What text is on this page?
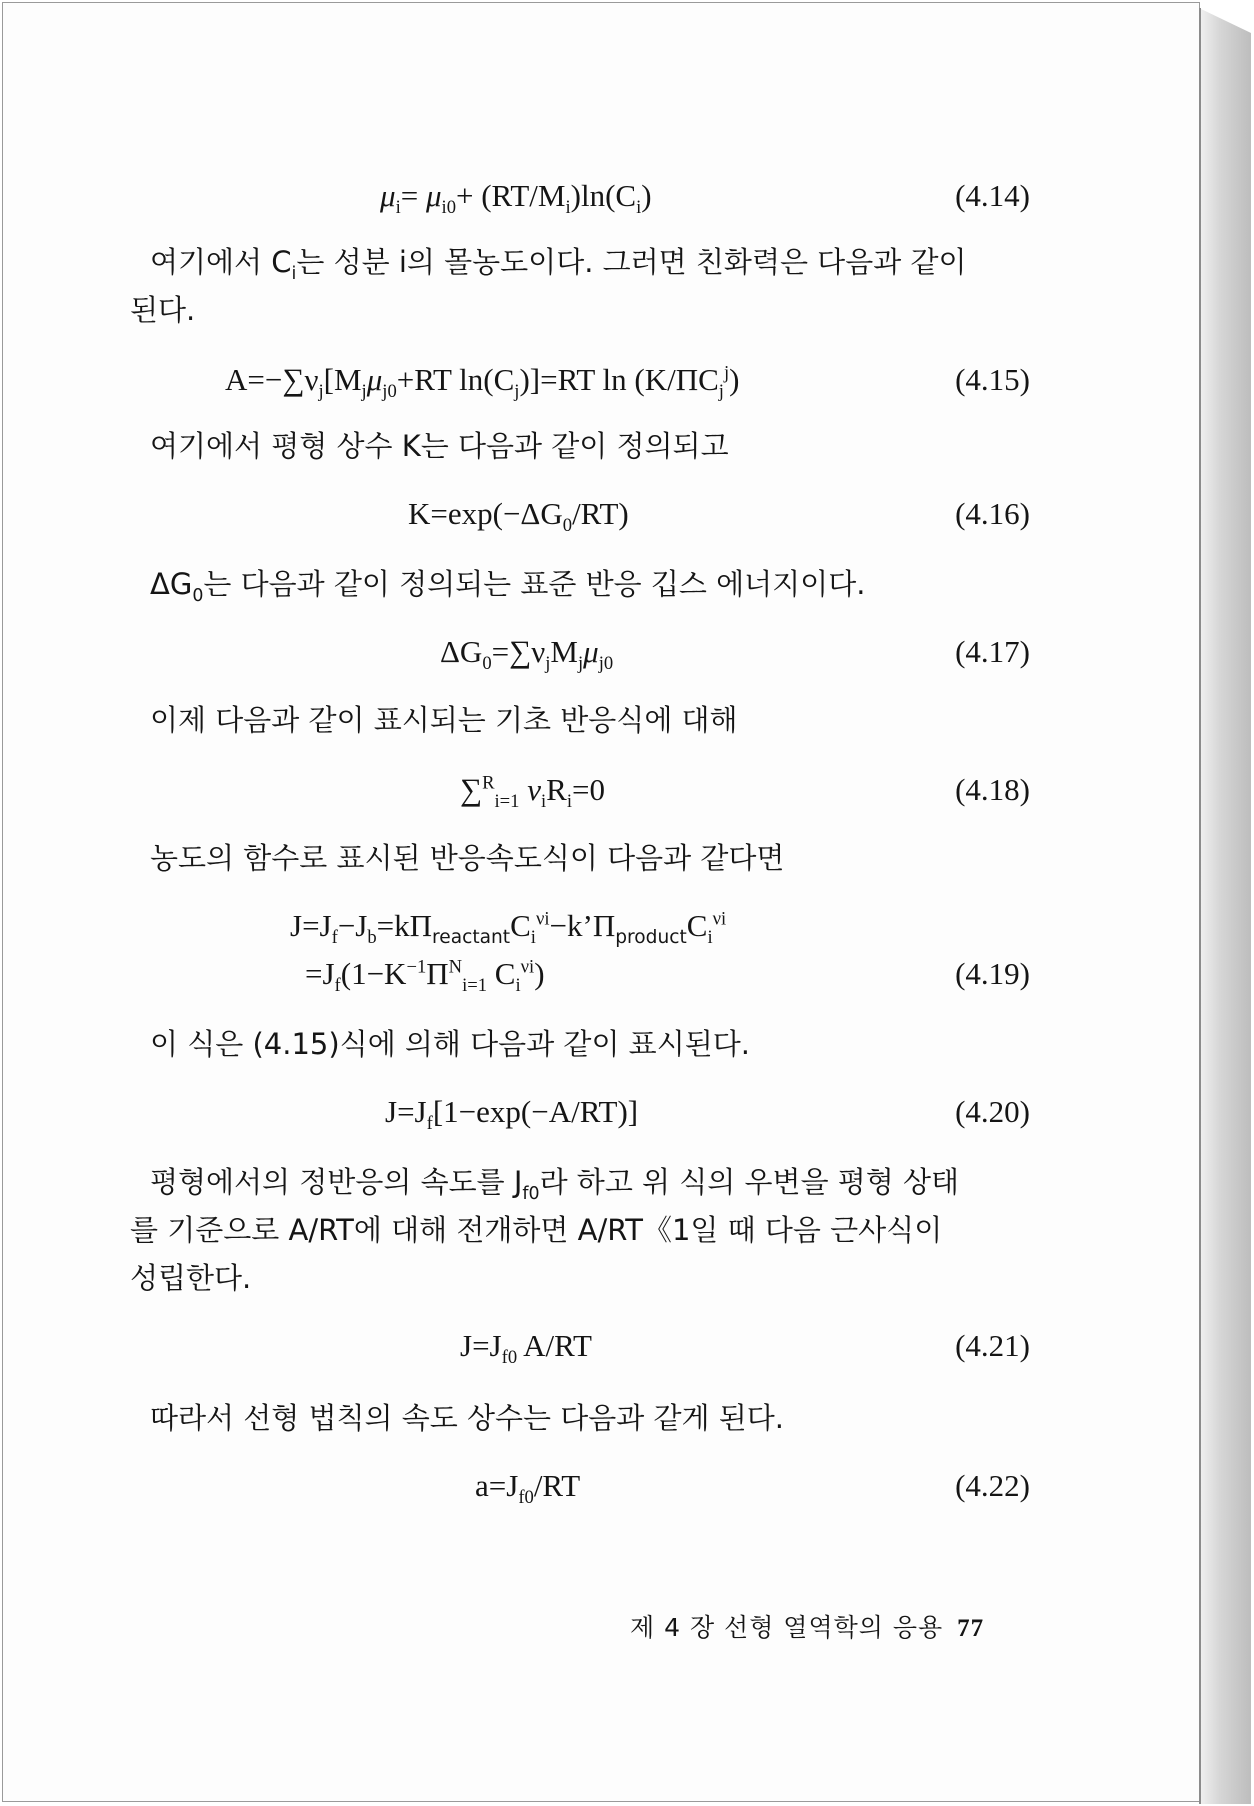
$\mu_i= \mu_{i0}+ (RT/M_i)\ln(C_i)$	(4.14)
여기에서 $C_i$는 성분 i의 몰농도이다. 그러면 친화력은 다음과 같이
된다.
$A=-\sum\nu_j[M_j\mu_{j0}+RT$ $\ln(C_j)]=RT$ $\ln (K/\Pi C_j^j)$	(4.15)
여기에서 평형 상수 K는 다음과 같이 정의되고
$K=\exp(-\Delta G_0/RT)$	(4.16)
$\Delta G_0$는 다음과 같이 정의되는 표준 반응 깁스 에너지이다.
$\Delta G_0=\sum\nu_jM_j\mu_{j0}$	(4.17)
이제 다음과 같이 표시되는 기초 반응식에 대해
∑$^R_{i=1}$ $\nu_iR_i=0$	(4.18)
농도의 함수로 표시된 반응속도식이 다음과 같다면
$J=J_f-J_b=k\Pi_{reactant}C_i^{\nu i}-k’\Pi_{product}C_i^{\nu i}$
$=J_f(1-K^{-1}\Pi^N_{i=1}$ $C_i^{\nu i}$)	(4.19)
이 식은 (4.15)식에 의해 다음과 같이 표시된다.
$J=J_f[1-\exp(-A/RT)]$	(4.20)
평형에서의 정반응의 속도를 $J_{f0}$라 하고 위 식의 우변을 평형 상태
를 기준으로 A/RT에 대해 전개하면 A/RT《1일 때 다음 근사식이
성립한다.
$J=J_{f0}$ A/RT	(4.21)
따라서 선형 법칙의 속도 상수는 다음과 같게 된다.
$a=J_{f0}/RT$	(4.22)
제 4 장 선형 열역학의 응용 77
